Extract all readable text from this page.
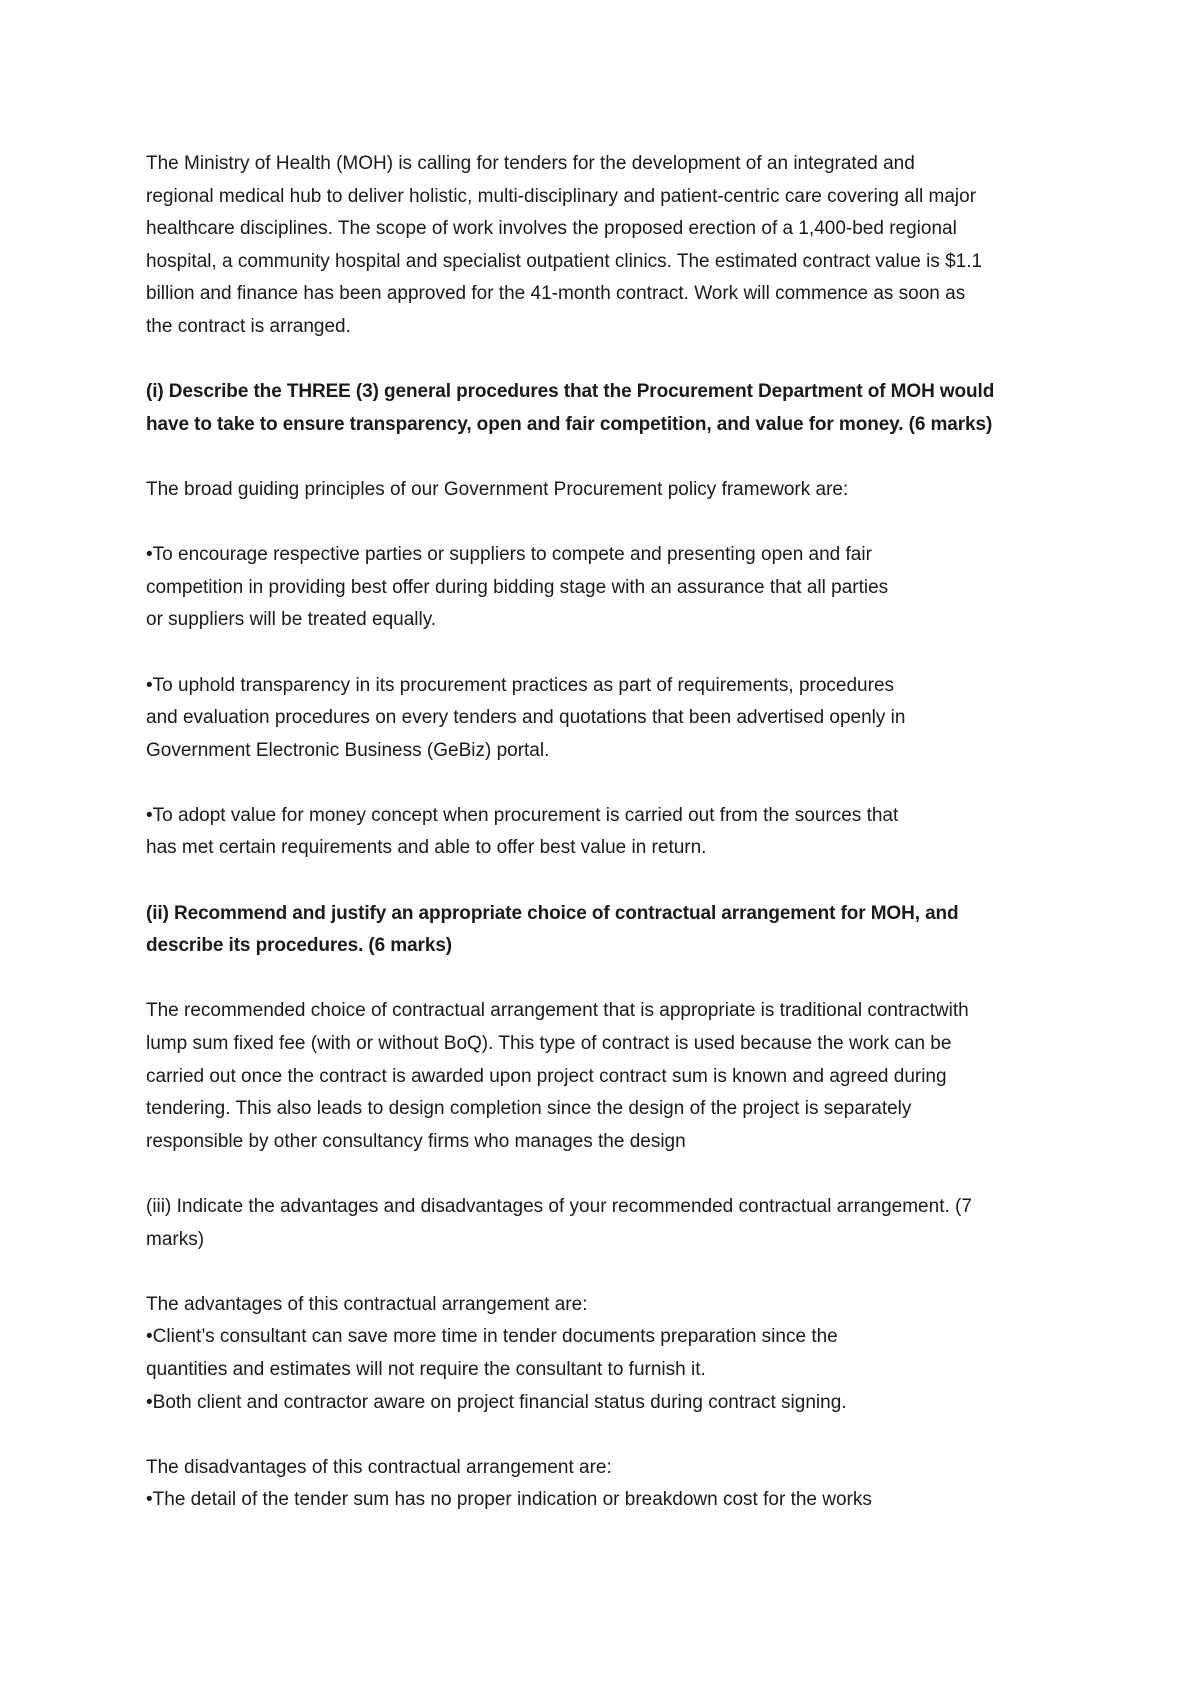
The Ministry of Health (MOH) is calling for tenders for the development of an integrated and
regional medical hub to deliver holistic, multi-disciplinary and patient-centric care covering all major
healthcare disciplines. The scope of work involves the proposed erection of a 1,400-bed regional
hospital, a community hospital and specialist outpatient clinics. The estimated contract value is $1.1
billion and finance has been approved for the 41-month contract. Work will commence as soon as
the contract is arranged.
(i) Describe the THREE (3) general procedures that the Procurement Department of MOH would
have to take to ensure transparency, open and fair competition, and value for money. (6 marks)
The broad guiding principles of our Government Procurement policy framework are:
•To encourage respective parties or suppliers to compete and presenting open and fair
competition in providing best offer during bidding stage with an assurance that all parties
or suppliers will be treated equally.
•To uphold transparency in its procurement practices as part of requirements, procedures
and evaluation procedures on every tenders and quotations that been advertised openly in
Government Electronic Business (GeBiz) portal.
•To adopt value for money concept when procurement is carried out from the sources that
has met certain requirements and able to offer best value in return.
(ii) Recommend and justify an appropriate choice of contractual arrangement for MOH, and
describe its procedures. (6 marks)
The recommended choice of contractual arrangement that is appropriate is traditional contractwith
lump sum fixed fee (with or without BoQ). This type of contract is used because the work can be
carried out once the contract is awarded upon project contract sum is known and agreed during
tendering. This also leads to design completion since the design of the project is separately
responsible by other consultancy firms who manages the design
(iii) Indicate the advantages and disadvantages of your recommended contractual arrangement. (7
marks)
The advantages of this contractual arrangement are:
•Client’s consultant can save more time in tender documents preparation since the
quantities and estimates will not require the consultant to furnish it.
•Both client and contractor aware on project financial status during contract signing.
The disadvantages of this contractual arrangement are:
•The detail of the tender sum has no proper indication or breakdown cost for the works
